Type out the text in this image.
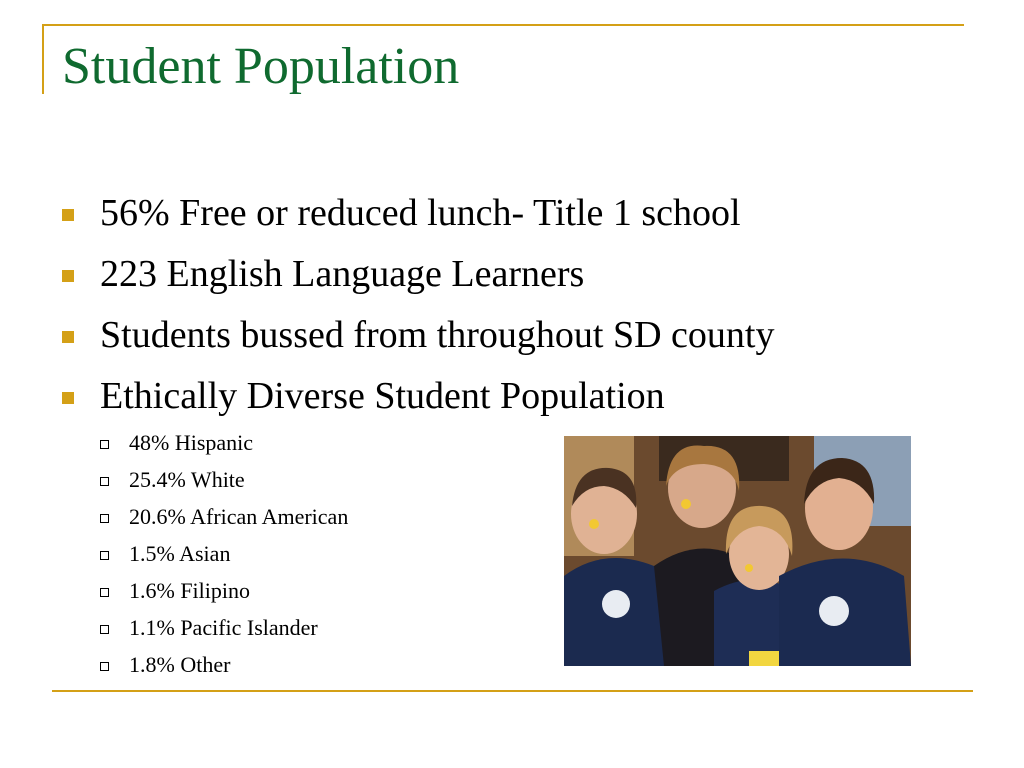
Student Population
56% Free or reduced lunch- Title 1 school
223 English Language Learners
Students bussed from throughout SD county
Ethically Diverse Student Population
48% Hispanic
25.4% White
20.6% African American
1.5% Asian
1.6% Filipino
1.1% Pacific Islander
1.8% Other
